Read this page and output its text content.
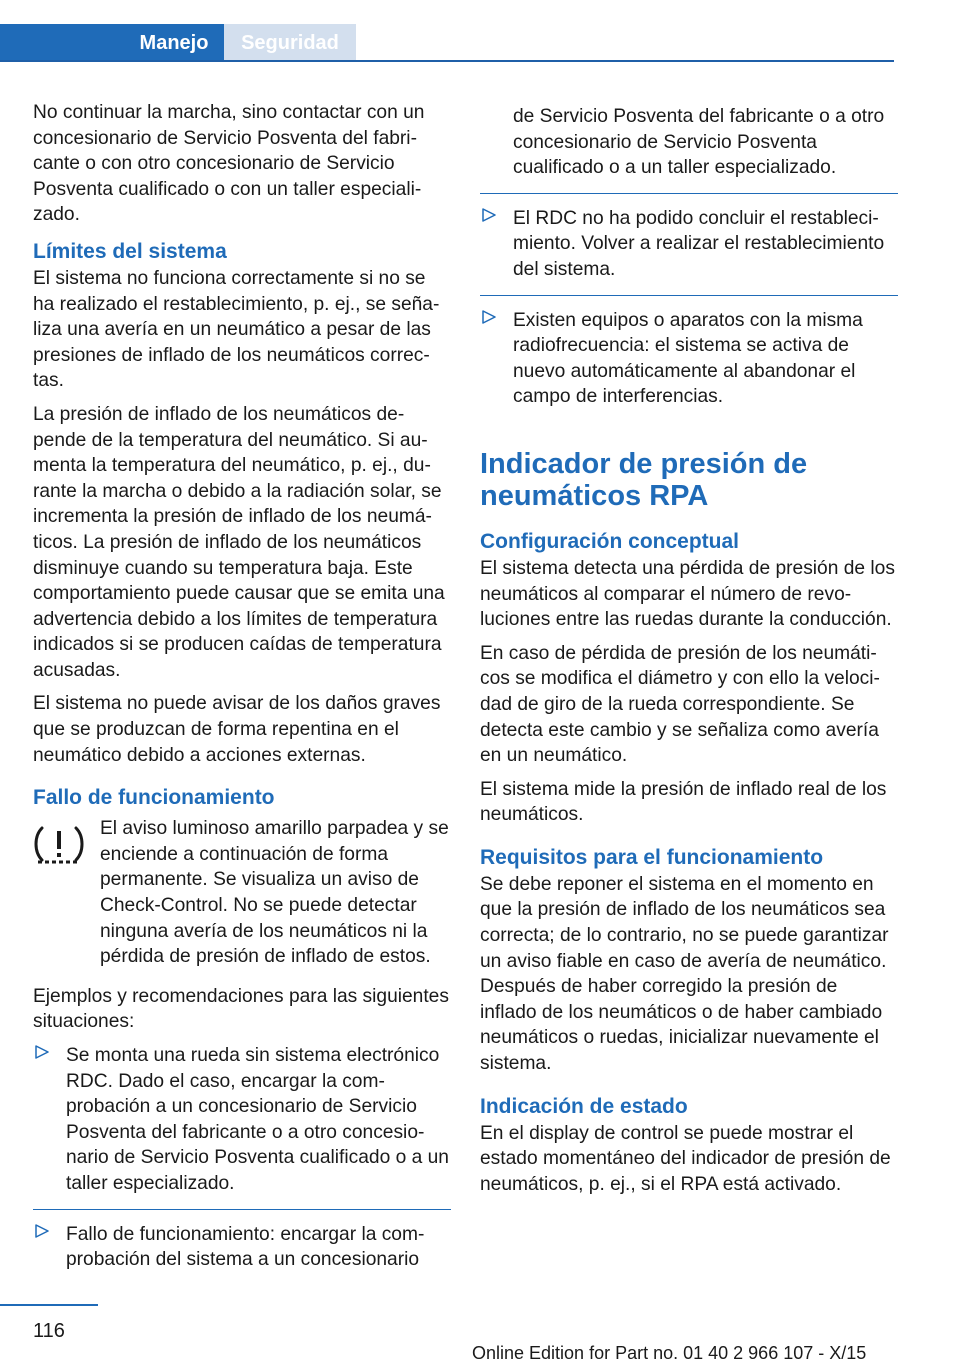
Manejo	Seguridad

No continuar la marcha, sino contactar con un concesionario de Servicio Posventa del fabricante o con otro concesionario de Servicio Posventa cualificado o con un taller especializado.

Límites del sistema

El sistema no funciona correctamente si no se ha realizado el restablecimiento, p. ej., se señaliza una avería en un neumático a pesar de las presiones de inflado de los neumáticos correctas.

La presión de inflado de los neumáticos depende de la temperatura del neumático. Si aumenta la temperatura del neumático, p. ej., durante la marcha o debido a la radiación solar, se incrementa la presión de inflado de los neumáticos. La presión de inflado de los neumáticos disminuye cuando su temperatura baja. Este comportamiento puede causar que se emita una advertencia debido a los límites de temperatura indicados si se producen caídas de temperatura acusadas.

El sistema no puede avisar de los daños graves que se produzcan de forma repentina en el neumático debido a acciones externas.

Fallo de funcionamiento

El aviso luminoso amarillo parpadea y se enciende a continuación de forma permanente. Se visualiza un aviso de Check-Control. No se puede detectar ninguna avería de los neumáticos ni la pérdida de presión de inflado de estos.

Ejemplos y recomendaciones para las siguientes situaciones:

Se monta una rueda sin sistema electrónico RDC. Dado el caso, encargar la comprobación a un concesionario de Servicio Posventa del fabricante o a otro concesionario de Servicio Posventa cualificado o a un taller especializado.
Fallo de funcionamiento: encargar la comprobación del sistema a un concesionario

de Servicio Posventa del fabricante o a otro concesionario de Servicio Posventa cualificado o a un taller especializado.

El RDC no ha podido concluir el restablecimiento. Volver a realizar el restablecimiento del sistema.
Existen equipos o aparatos con la misma radiofrecuencia: el sistema se activa de nuevo automáticamente al abandonar el campo de interferencias.
Indicador de presión de neumáticos RPA
Configuración conceptual

El sistema detecta una pérdida de presión de los neumáticos al comparar el número de revoluciones entre las ruedas durante la conducción.

En caso de pérdida de presión de los neumáticos se modifica el diámetro y con ello la velocidad de giro de la rueda correspondiente. Se detecta este cambio y se señaliza como avería en un neumático.

El sistema mide la presión de inflado real de los neumáticos.

Requisitos para el funcionamiento

Se debe reponer el sistema en el momento en que la presión de inflado de los neumáticos sea correcta; de lo contrario, no se puede garantizar un aviso fiable en caso de avería de neumático. Después de haber corregido la presión de inflado de los neumáticos o de haber cambiado neumáticos o ruedas, inicializar nuevamente el sistema.

Indicación de estado

En el display de control se puede mostrar el estado momentáneo del indicador de presión de neumáticos, p. ej., si el RPA está activado.

116
Online Edition for Part no. 01 40 2 966 107 - X/15
